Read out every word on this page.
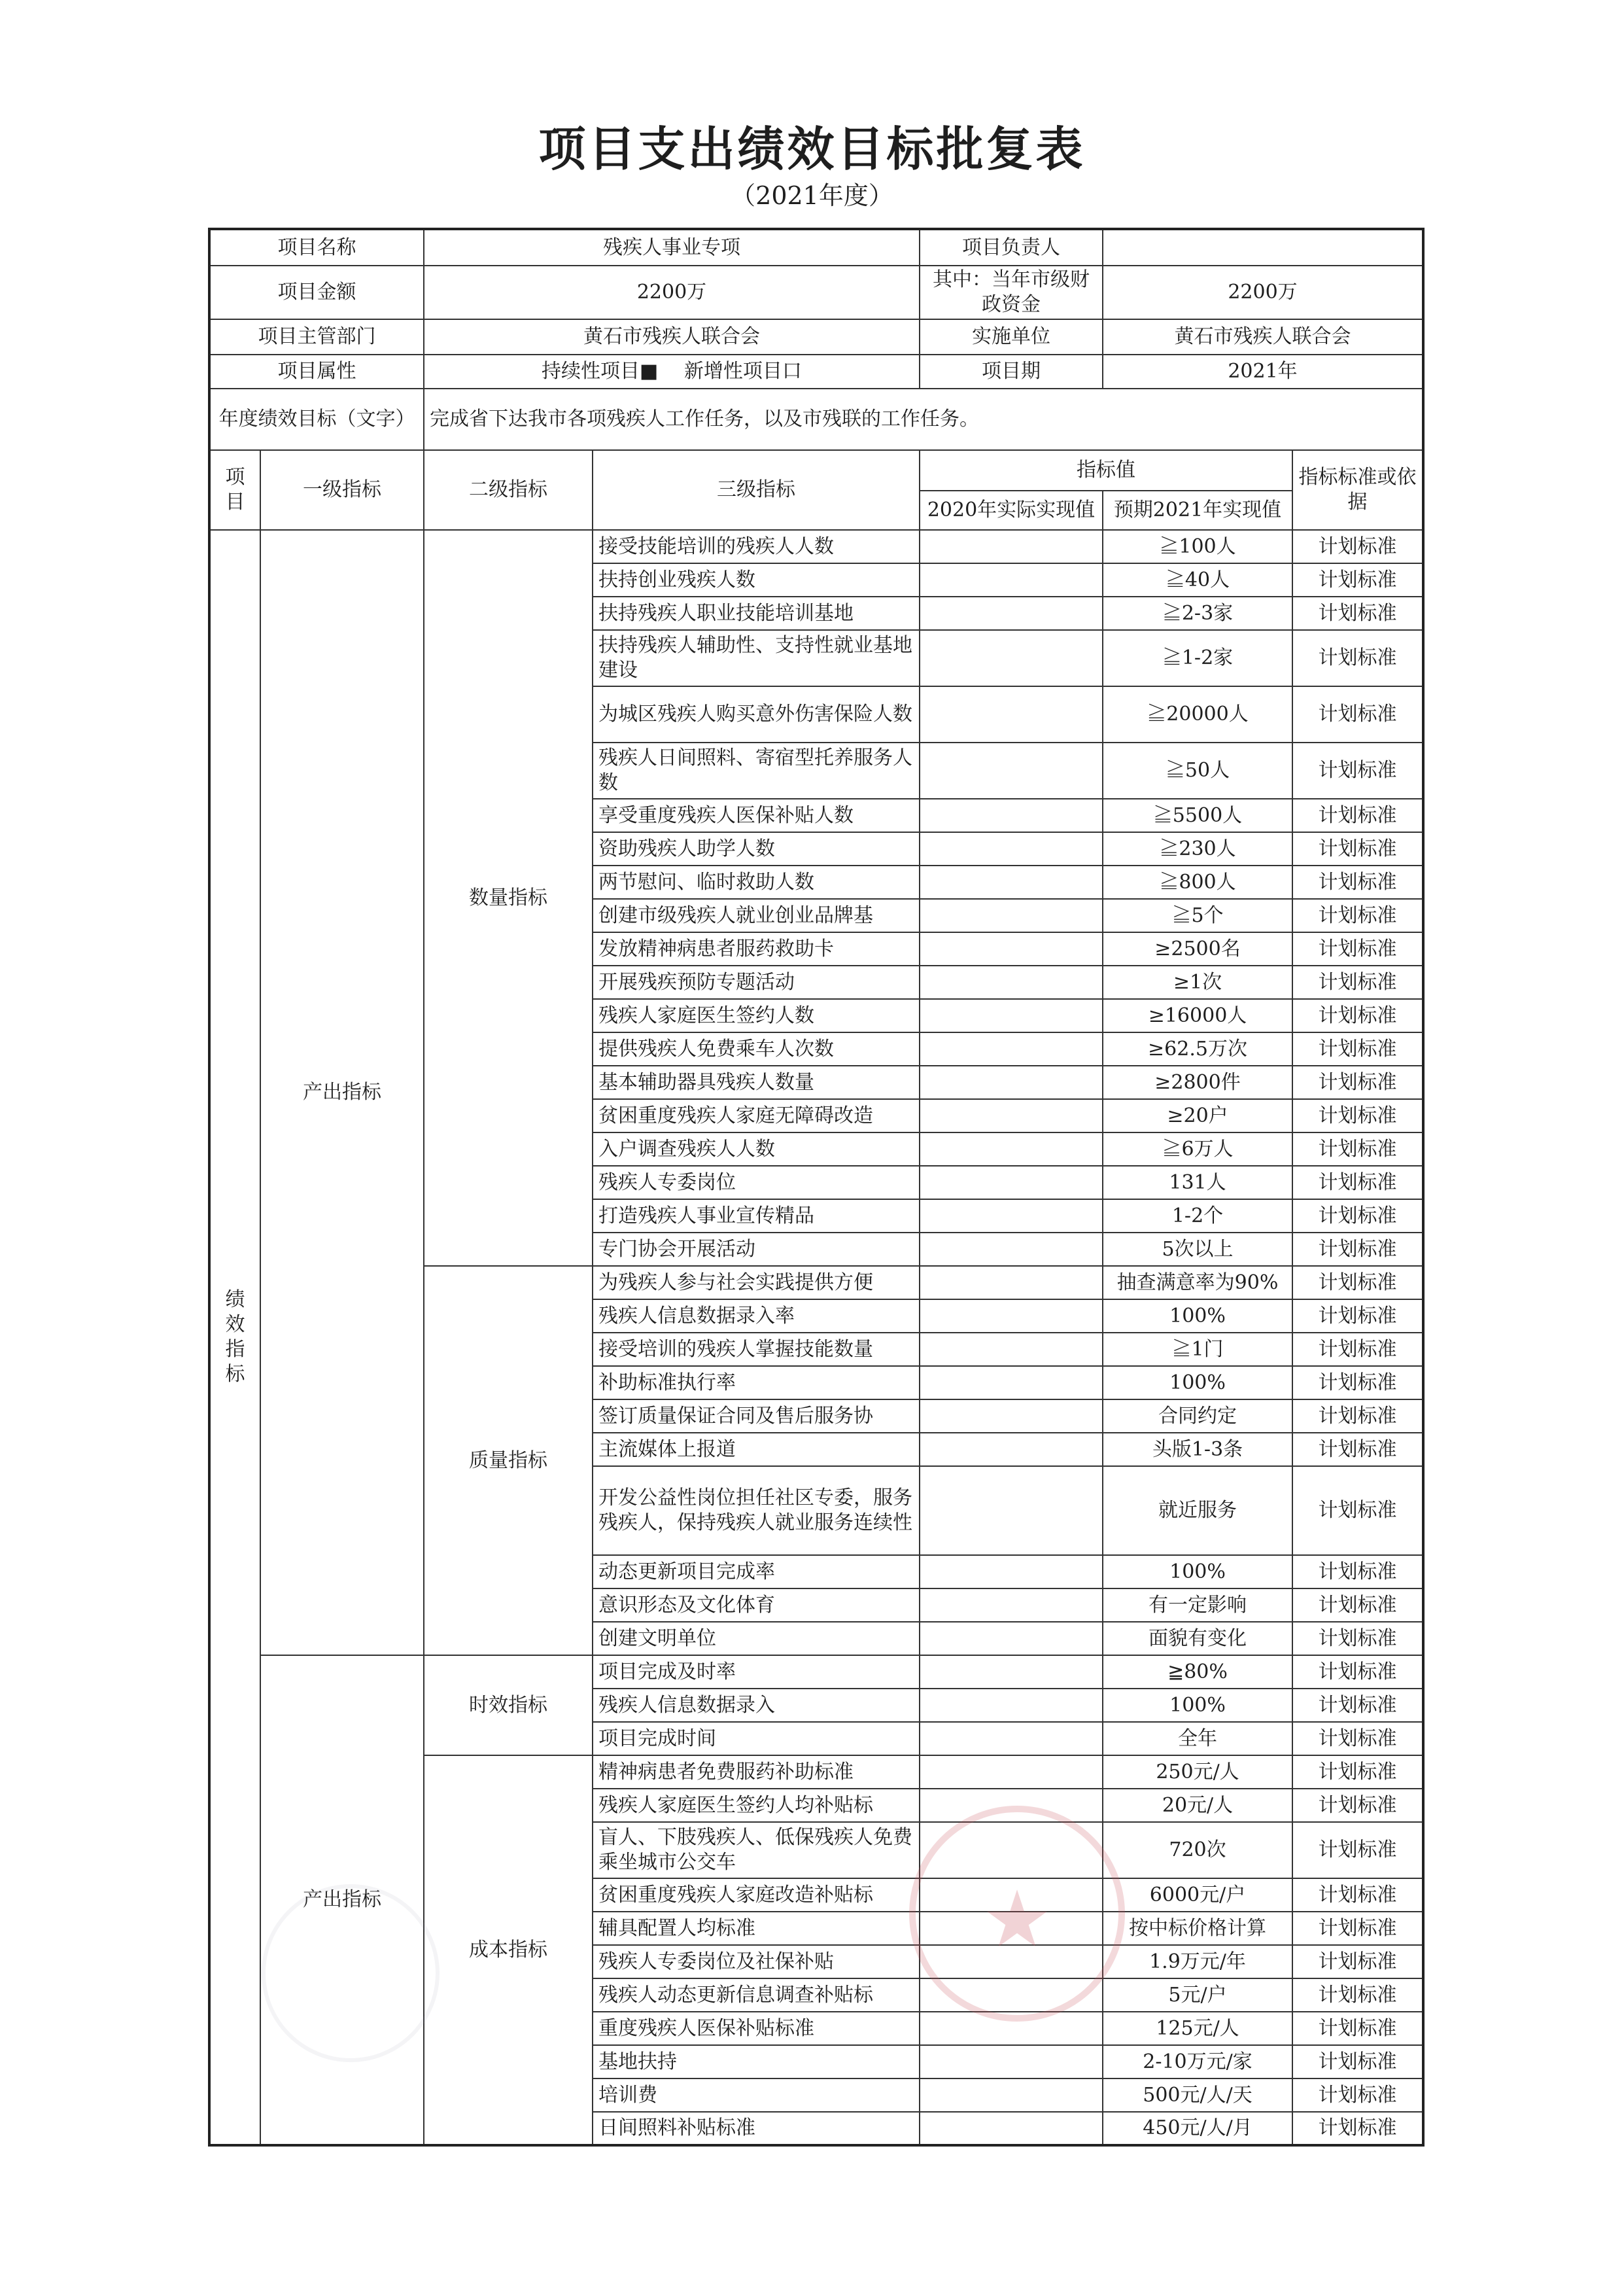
项目支出绩效目标批复表
（2021年度）
项目名称		残疾人事业专项		项目负责人		
项目金额		2200万		其中：当年市级财政资金	2200万	
项目主管部门		黄石市残疾人联合会		实施单位	黄石市残疾人联合会	
项目属性		持续性项目■　 新增性项目口		项目期	2021年	
年度绩效目标（文字）		完成省下达我市各项残疾人工作任务，以及市残联的工作任务。				
项目	一级指标	二级指标	三级指标	指标值		指标标准或依据
				2020年实际实现值	预期2021年实现值	
绩效指标	产出指标	数量指标	接受技能培训的残疾人人数		≧100人	计划标准
			扶持创业残疾人数		≧40人	计划标准
			扶持残疾人职业技能培训基地		≧2-3家	计划标准
			扶持残疾人辅助性、支持性就业基地建设		≧1-2家	计划标准
			为城区残疾人购买意外伤害保险人数		≧20000人	计划标准
			残疾人日间照料、寄宿型托养服务人数		≧50人	计划标准
			享受重度残疾人医保补贴人数		≧5500人	计划标准
			资助残疾人助学人数		≧230人	计划标准
			两节慰问、临时救助人数		≧800人	计划标准
			创建市级残疾人就业创业品牌基		≧5个	计划标准
			发放精神病患者服药救助卡		≥2500名	计划标准
			开展残疾预防专题活动		≥1次	计划标准
			残疾人家庭医生签约人数		≥16000人	计划标准
			提供残疾人免费乘车人次数		≥62.5万次	计划标准
			基本辅助器具残疾人数量		≥2800件	计划标准
			贫困重度残疾人家庭无障碍改造		≥20户	计划标准
			入户调查残疾人人数		≧6万人	计划标准
			残疾人专委岗位		131人	计划标准
			打造残疾人事业宣传精品		1-2个	计划标准
			专门协会开展活动		5次以上	计划标准
		质量指标	为残疾人参与社会实践提供方便		抽查满意率为90%	计划标准
			残疾人信息数据录入率		100%	计划标准
			接受培训的残疾人掌握技能数量		≧1门	计划标准
			补助标准执行率		100%	计划标准
			签订质量保证合同及售后服务协		合同约定	计划标准
			主流媒体上报道		头版1-3条	计划标准
			开发公益性岗位担任社区专委，服务残疾人，保持残疾人就业服务连续性		就近服务	计划标准
			动态更新项目完成率		100%	计划标准
			意识形态及文化体育		有一定影响	计划标准
			创建文明单位		面貌有变化	计划标准
	产出指标	时效指标	项目完成及时率		≧80%	计划标准
			残疾人信息数据录入		100%	计划标准
			项目完成时间		全年	计划标准
		成本指标	精神病患者免费服药补助标准		250元/人	计划标准
			残疾人家庭医生签约人均补贴标		20元/人	计划标准
			盲人、下肢残疾人、低保残疾人免费乘坐城市公交车		720次	计划标准
			贫困重度残疾人家庭改造补贴标		6000元/户	计划标准
			辅具配置人均标准		按中标价格计算	计划标准
			残疾人专委岗位及社保补贴		1.9万元/年	计划标准
			残疾人动态更新信息调查补贴标		5元/户	计划标准
			重度残疾人医保补贴标准		125元/人	计划标准
			基地扶持		2-10万元/家	计划标准
			培训费		500元/人/天	计划标准
			日间照料补贴标准		450元/人/月	计划标准
★
